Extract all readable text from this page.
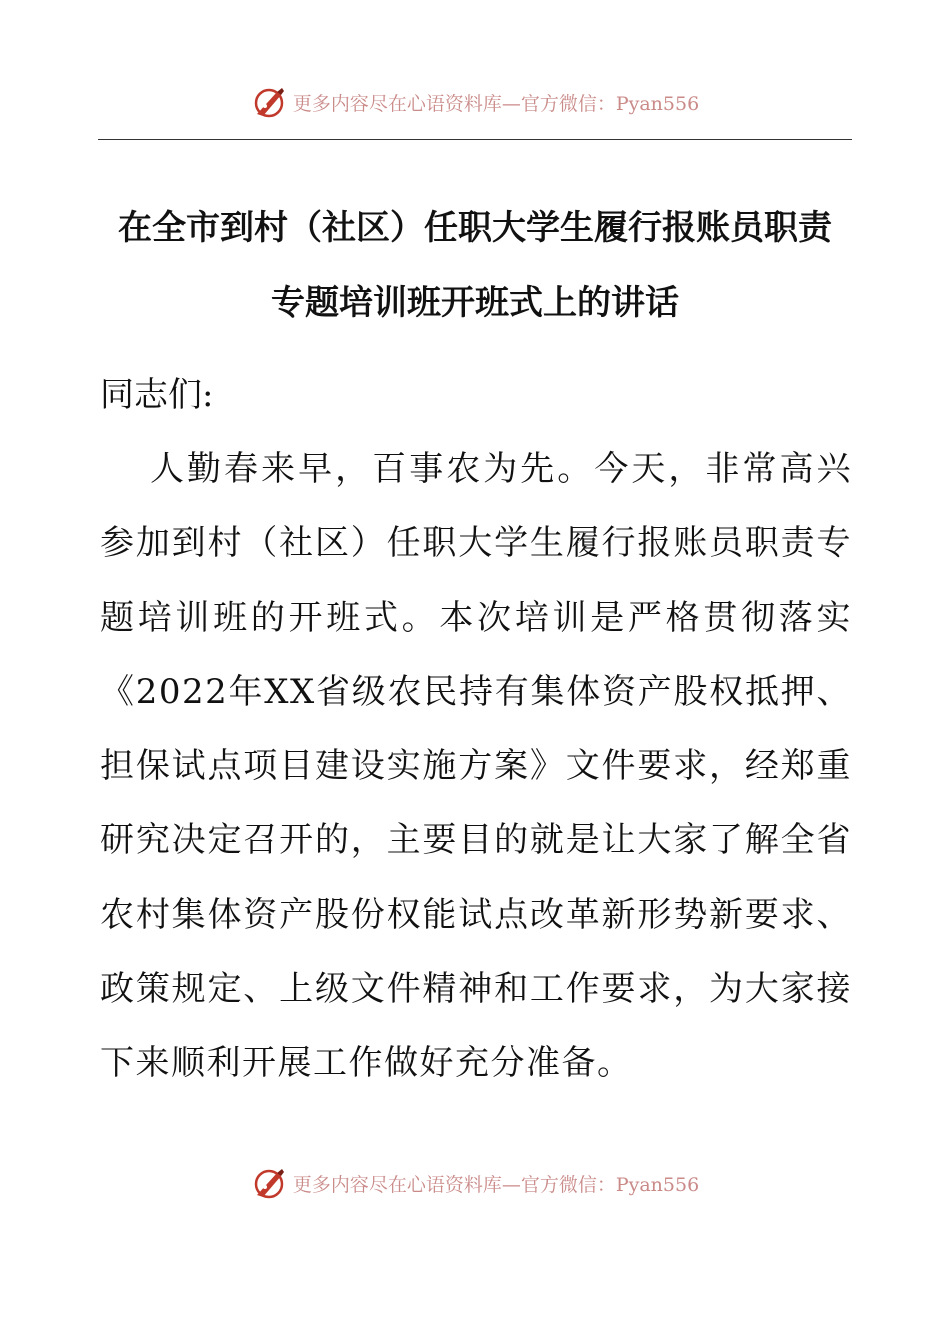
更多内容尽在心语资料库—官方微信：Pyan556
在全市到村（社区）任职大学生履行报账员职责
专题培训班开班式上的讲话
同志们:
人勤春来早，百事农为先。今天，非常高兴
参加到村（社区）任职大学生履行报账员职责专
题培训班的开班式。本次培训是严格贯彻落实
《2022年XX省级农民持有集体资产股权抵押、
担保试点项目建设实施方案》文件要求，经郑重
研究决定召开的，主要目的就是让大家了解全省
农村集体资产股份权能试点改革新形势新要求、
政策规定、上级文件精神和工作要求，为大家接
下来顺利开展工作做好充分准备。
更多内容尽在心语资料库—官方微信：Pyan556
